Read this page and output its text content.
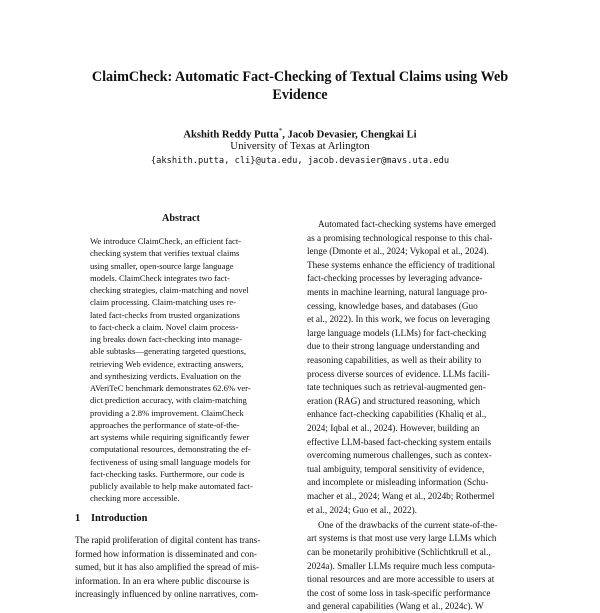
ClaimCheck: Automatic Fact-Checking of Textual Claims using Web
Evidence
Akshith Reddy Putta*, Jacob Devasier, Chengkai Li
University of Texas at Arlington
{akshith.putta, cli}@uta.edu, jacob.devasier@mavs.uta.edu
Abstract
We introduce ClaimCheck, an efficient fact-
checking system that verifies textual claims
using smaller, open-source large language
models. ClaimCheck integrates two fact-
checking strategies, claim-matching and novel
claim processing. Claim-matching uses re-
lated fact-checks from trusted organizations
to fact-check a claim. Novel claim process-
ing breaks down fact-checking into manage-
able subtasks—generating targeted questions,
retrieving Web evidence, extracting answers,
and synthesizing verdicts. Evaluation on the
AVeriTeC benchmark demonstrates 62.6% ver-
dict prediction accuracy, with claim-matching
providing a 2.8% improvement. ClaimCheck
approaches the performance of state-of-the-
art systems while requiring significantly fewer
computational resources, demonstrating the ef-
fectiveness of using small language models for
fact-checking tasks. Furthermore, our code is
publicly available to help make automated fact-
checking more accessible.
1 Introduction
The rapid proliferation of digital content has trans-
formed how information is disseminated and con-
sumed, but it has also amplified the spread of mis-
information. In an era where public discourse is
increasingly influenced by online narratives, com-
Automated fact-checking systems have emerged
as a promising technological response to this chal-
lenge (Dmonte et al., 2024; Vykopal et al., 2024).
These systems enhance the efficiency of traditional
fact-checking processes by leveraging advance-
ments in machine learning, natural language pro-
cessing, knowledge bases, and databases (Guo
et al., 2022). In this work, we focus on leveraging
large language models (LLMs) for fact-checking
due to their strong language understanding and
reasoning capabilities, as well as their ability to
process diverse sources of evidence. LLMs facili-
tate techniques such as retrieval-augmented gen-
eration (RAG) and structured reasoning, which
enhance fact-checking capabilities (Khaliq et al.,
2024; Iqbal et al., 2024). However, building an
effective LLM-based fact-checking system entails
overcoming numerous challenges, such as contex-
tual ambiguity, temporal sensitivity of evidence,
and incomplete or misleading information (Schu-
macher et al., 2024; Wang et al., 2024b; Rothermel
et al., 2024; Guo et al., 2022).
One of the drawbacks of the current state-of-the-
art systems is that most use very large LLMs which
can be monetarily prohibitive (Schlichtkrull et al.,
2024a). Smaller LLMs require much less computa-
tional resources and are more accessible to users at
the cost of some loss in task-specific performance
and general capabilities (Wang et al., 2024c). W
